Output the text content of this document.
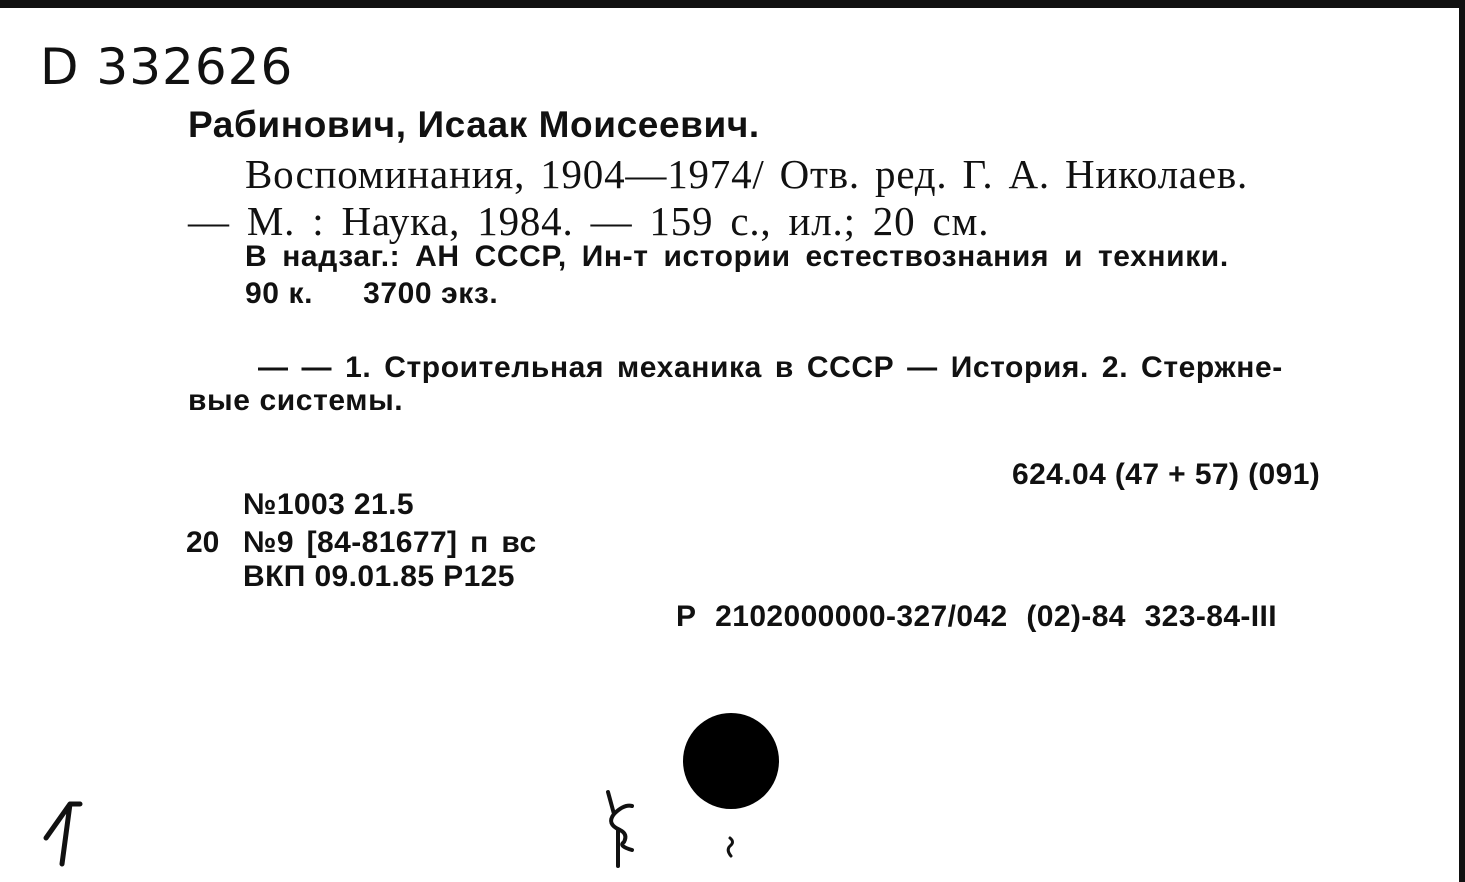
D 332626
Рабинович, Исаак Моисеевич.
Воспоминания, 1904—1974/ Отв. ред. Г. А. Николаев.
— М. : Наука, 1984. — 159 с., ил.; 20 см.
В надзаг.: АН СССР, Ин-т истории естествознания и техники.
90 к. 3700 экз.
— — 1. Строительная механика в СССР — История. 2. Стержне-
вые системы.
624.04 (47 + 57) (091)
№1003 21.5
20 №9 [84-81677] п вс
ВКП 09.01.85 Р125
Р 2102000000-327/042 (02)-84 323-84-III
